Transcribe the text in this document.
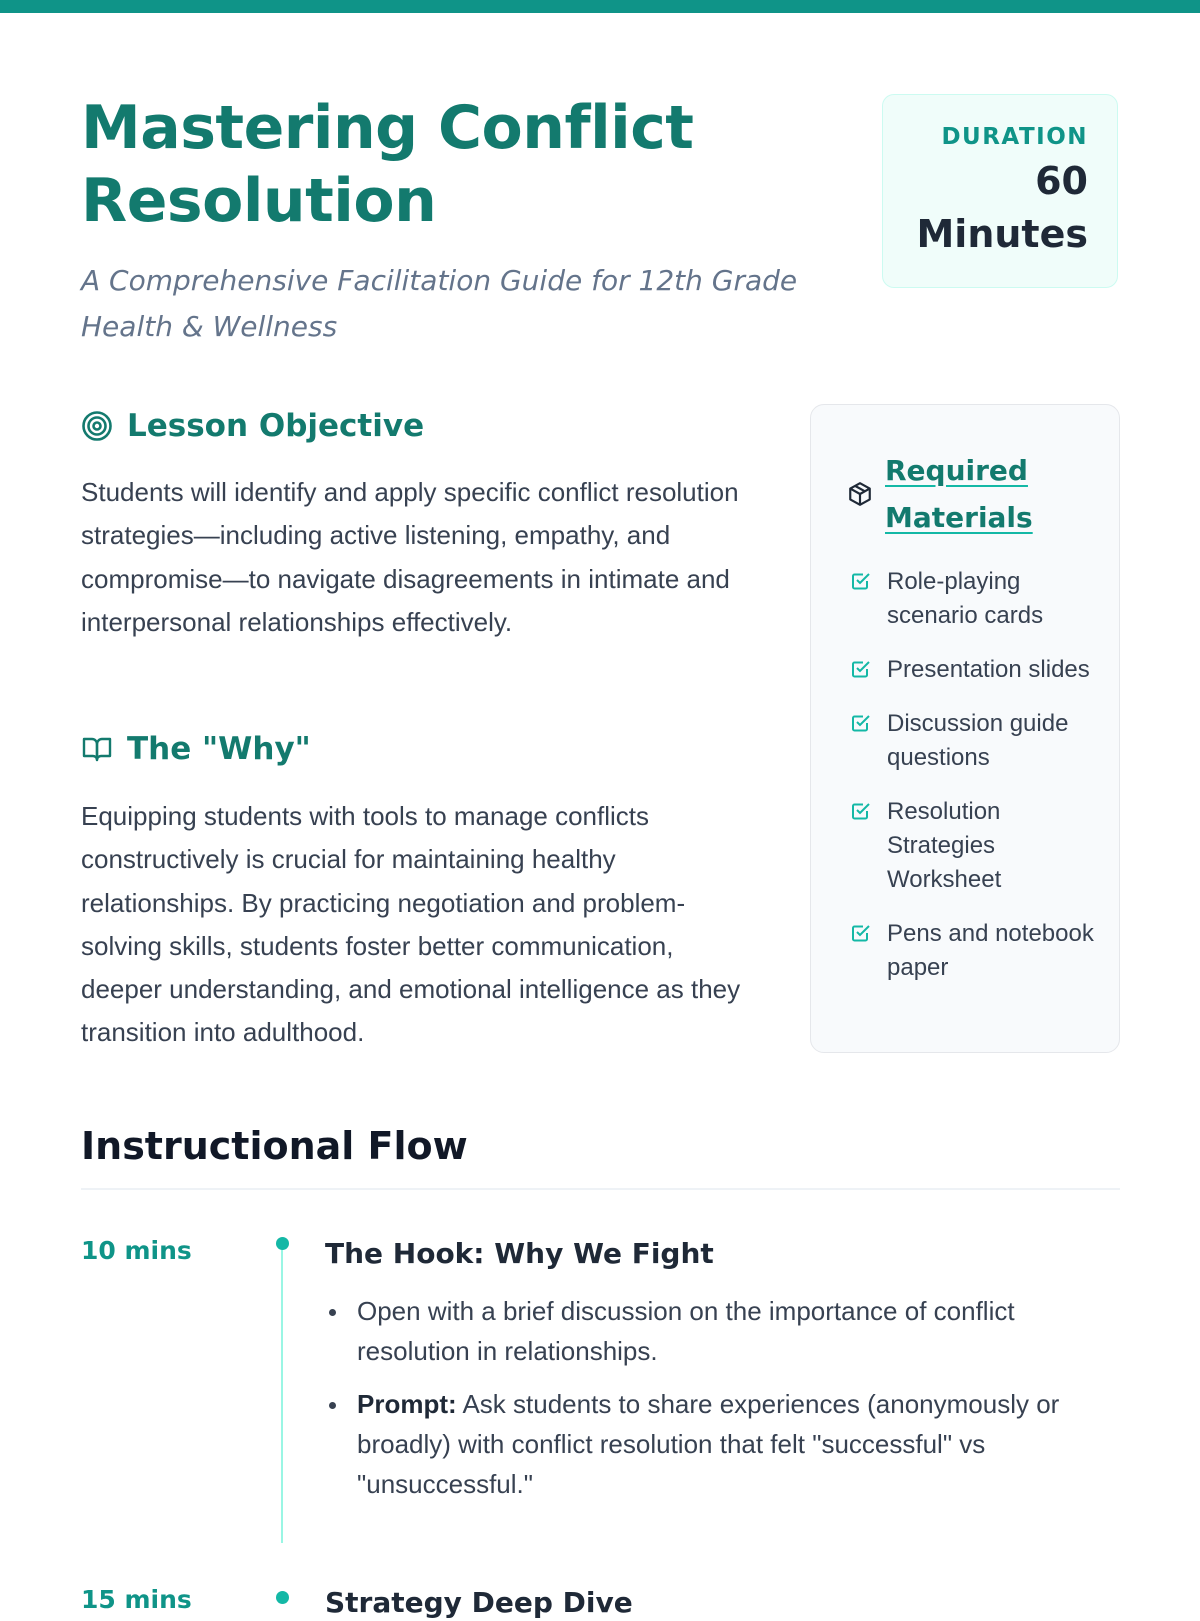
Mastering Conflict Resolution

A Comprehensive Facilitation Guide for 12th Grade Health & Wellness

DURATION
60
Minutes
Lesson Objective

Students will identify and apply specific conflict resolution strategies—including active listening, empathy, and compromise—to navigate disagreements in intimate and interpersonal relationships effectively.

The "Why"

Equipping students with tools to manage conflicts constructively is crucial for maintaining healthy relationships. By practicing negotiation and problem-solving skills, students foster better communication, deeper understanding, and emotional intelligence as they transition into adulthood.

Required Materials
Role-playing scenario cards
Presentation slides
Discussion guide questions
Resolution Strategies Worksheet
Pens and notebook paper
Instructional Flow
10 mins	The Hook: Why We Fight
Open with a brief discussion on the importance of conflict resolution in relationships.
Prompt: Ask students to share experiences (anonymously or broadly) with conflict resolution that felt "successful" vs "unsuccessful."
15 mins	Strategy Deep Dive
